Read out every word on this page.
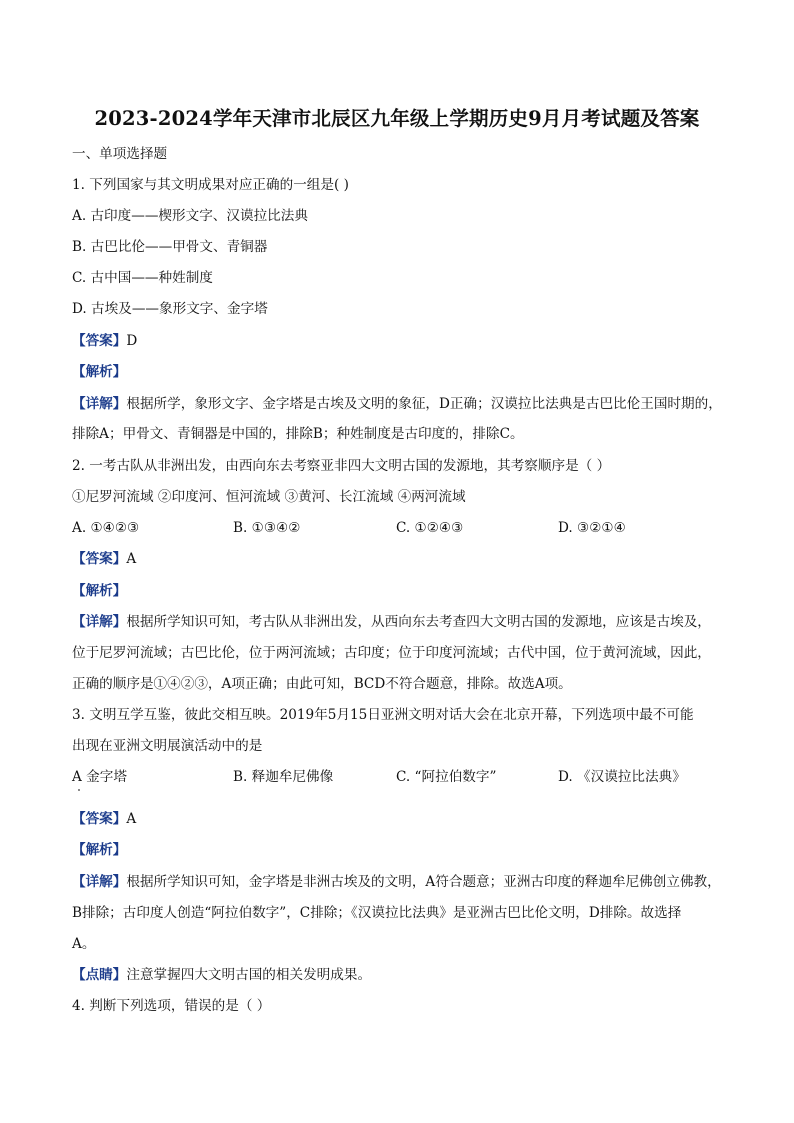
2023-2024学年天津市北辰区九年级上学期历史9月月考试题及答案
一、单项选择题
1. 下列国家与其文明成果对应正确的一组是( )
A. 古印度——楔形文字、汉谟拉比法典
B. 古巴比伦——甲骨文、青铜器
C. 古中国——种姓制度
D. 古埃及——象形文字、金字塔
【答案】D
【解析】
【详解】根据所学，象形文字、金字塔是古埃及文明的象征，D正确；汉谟拉比法典是古巴比伦王国时期的，
排除A；甲骨文、青铜器是中国的，排除B；种姓制度是古印度的，排除C。
2. 一考古队从非洲出发，由西向东去考察亚非四大文明古国的发源地，其考察顺序是（ ）
①尼罗河流域 ②印度河、恒河流域 ③黄河、长江流域 ④两河流域
A. ①④②③	B. ①③④②	C. ①②④③	D. ③②①④
【答案】A
【解析】
【详解】根据所学知识可知，考古队从非洲出发，从西向东去考查四大文明古国的发源地，应该是古埃及，
位于尼罗河流域；古巴比伦，位于两河流域；古印度；位于印度河流域；古代中国，位于黄河流域，因此，
正确的顺序是①④②③，A项正确；由此可知，BCD不符合题意，排除。故选A项。
3. 文明互学互鉴，彼此交相互映。2019年5月15日亚洲文明对话大会在北京开幕，下列选项中最不可能
出现在亚洲文明展演活动中的是
A 金字塔	B. 释迦牟尼佛像	C. “阿拉伯数字”	D. 《汉谟拉比法典》
【答案】A
【解析】
【详解】根据所学知识可知，金字塔是非洲古埃及的文明，A符合题意；亚洲古印度的释迦牟尼佛创立佛教，
B排除；古印度人创造“阿拉伯数字”，C排除；《汉谟拉比法典》是亚洲古巴比伦文明，D排除。故选择
A。
【点睛】注意掌握四大文明古国的相关发明成果。
4. 判断下列选项，错误的是（ ）
